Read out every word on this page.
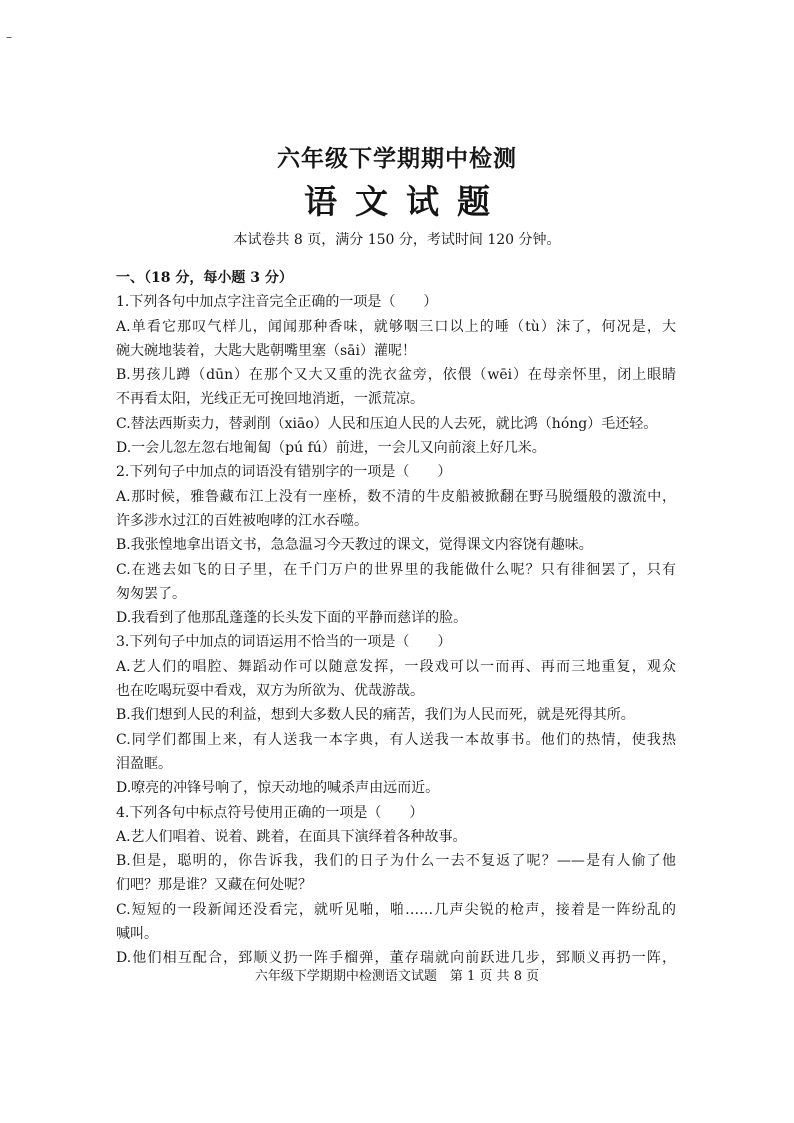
–
六年级下学期期中检测
语文试题
本试卷共 8 页，满分 150 分，考试时间 120 分钟。
一、（18 分，每小题 3 分）
1.下列各句中加点字注音完全正确的一项是（　　）
A.单看它那叹气样儿，闻闻那种香味，就够咽三口以上的唾（tù）沫了，何况是，大
碗大碗地装着，大匙大匙朝嘴里塞（sāi）灌呢！
B.男孩儿蹲（dūn）在那个又大又重的洗衣盆旁，依偎（wēi）在母亲怀里，闭上眼睛
不再看太阳，光线正无可挽回地消逝，一派荒凉。
C.替法西斯卖力，替剥削（xiāo）人民和压迫人民的人去死，就比鸿（hóng）毛还轻。
D.一会儿忽左忽右地匍匐（pú fú）前进，一会儿又向前滚上好几米。
2.下列句子中加点的词语没有错别字的一项是（　　）
A.那时候，雅鲁藏布江上没有一座桥，数不清的牛皮船被掀翻在野马脱缰般的激流中，
许多涉水过江的百姓被咆哮的江水吞噬。
B.我张惶地拿出语文书，急急温习今天教过的课文，觉得课文内容饶有趣味。
C.在逃去如飞的日子里，在千门万户的世界里的我能做什么呢？只有徘徊罢了，只有
匆匆罢了。
D.我看到了他那乱蓬蓬的长头发下面的平静而慈详的脸。
3.下列句子中加点的词语运用不恰当的一项是（　　）
A.艺人们的唱腔、舞蹈动作可以随意发挥，一段戏可以一而再、再而三地重复，观众
也在吃喝玩耍中看戏，双方为所欲为、优哉游哉。
B.我们想到人民的利益，想到大多数人民的痛苦，我们为人民而死，就是死得其所。
C.同学们都围上来，有人送我一本字典，有人送我一本故事书。他们的热情，使我热
泪盈眶。
D.嘹亮的冲锋号响了，惊天动地的喊杀声由远而近。
4.下列各句中标点符号使用正确的一项是（　　）
A.艺人们唱着、说着、跳着，在面具下演绎着各种故事。
B.但是，聪明的，你告诉我，我们的日子为什么一去不复返了呢？——是有人偷了他
们吧？那是谁？又藏在何处呢？
C.短短的一段新闻还没看完，就听见啪，啪……几声尖锐的枪声，接着是一阵纷乱的
喊叫。
D.他们相互配合，郅顺义扔一阵手榴弹，董存瑞就向前跃进几步，郅顺义再扔一阵，
六年级下学期期中检测语文试题　第 1 页 共 8 页
